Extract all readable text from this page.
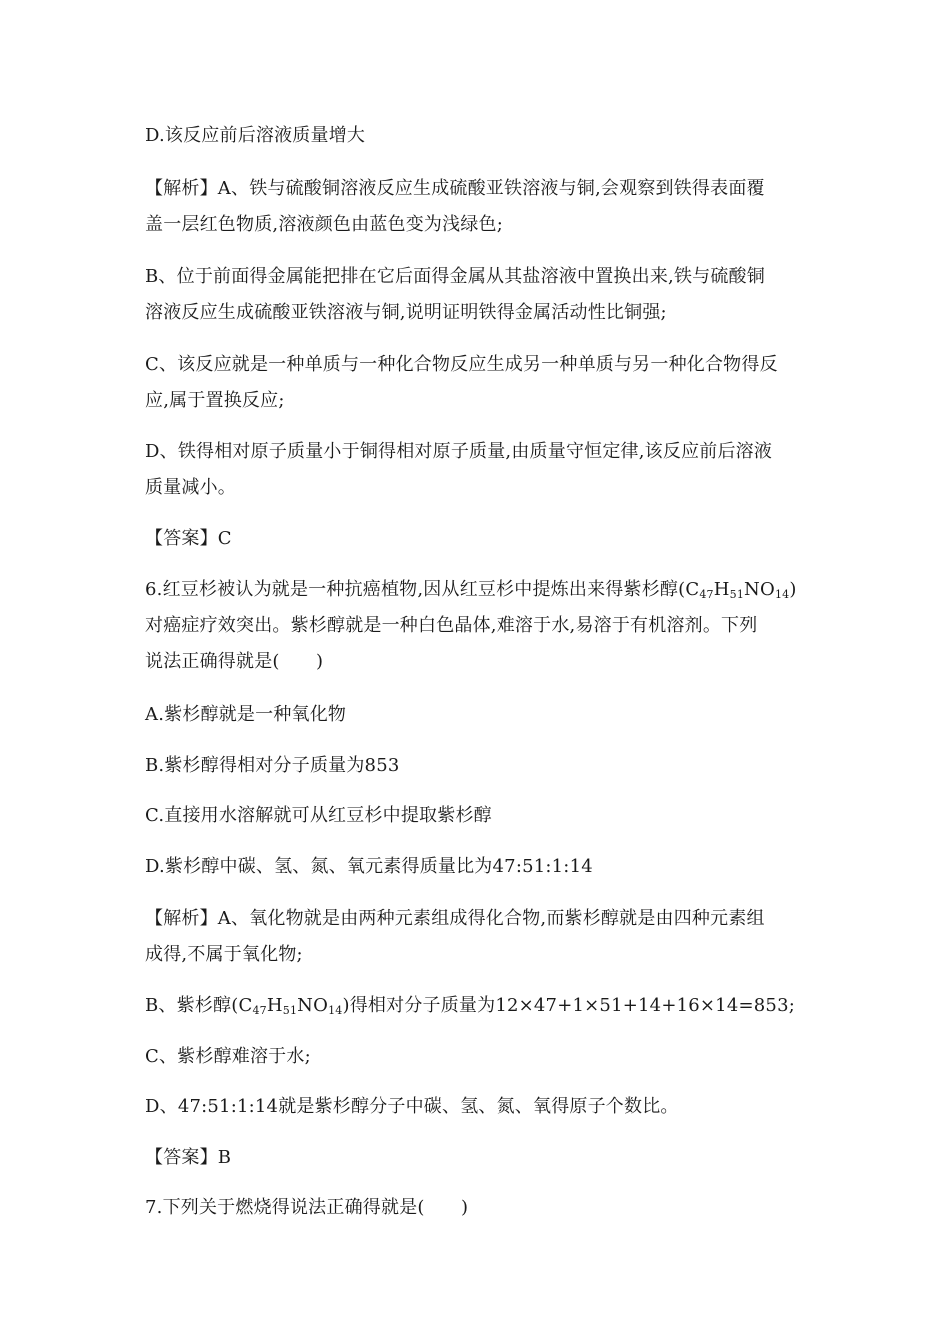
D.该反应前后溶液质量增大
【解析】A、铁与硫酸铜溶液反应生成硫酸亚铁溶液与铜,会观察到铁得表面覆
盖一层红色物质,溶液颜色由蓝色变为浅绿色;
B、位于前面得金属能把排在它后面得金属从其盐溶液中置换出来,铁与硫酸铜
溶液反应生成硫酸亚铁溶液与铜,说明证明铁得金属活动性比铜强;
C、该反应就是一种单质与一种化合物反应生成另一种单质与另一种化合物得反
应,属于置换反应;
D、铁得相对原子质量小于铜得相对原子质量,由质量守恒定律,该反应前后溶液
质量减小。
【答案】C
6.红豆杉被认为就是一种抗癌植物,因从红豆杉中提炼出来得紫杉醇$(C_{47}H_{51}NO_{14})$
对癌症疗效突出。紫杉醇就是一种白色晶体,难溶于水,易溶于有机溶剂。下列
说法正确得就是(　　)
A.紫杉醇就是一种氧化物
B.紫杉醇得相对分子质量为853
C.直接用水溶解就可从红豆杉中提取紫杉醇
D.紫杉醇中碳、氢、氮、氧元素得质量比为47:51:1:14
【解析】A、氧化物就是由两种元素组成得化合物,而紫杉醇就是由四种元素组
成得,不属于氧化物;
B、紫杉醇$(C_{47}H_{51}NO_{14})$得相对分子质量为12×47+1×51+14+16×14=853;
C、紫杉醇难溶于水;
D、47:51:1:14就是紫杉醇分子中碳、氢、氮、氧得原子个数比。
【答案】B
7.下列关于燃烧得说法正确得就是(　　)
